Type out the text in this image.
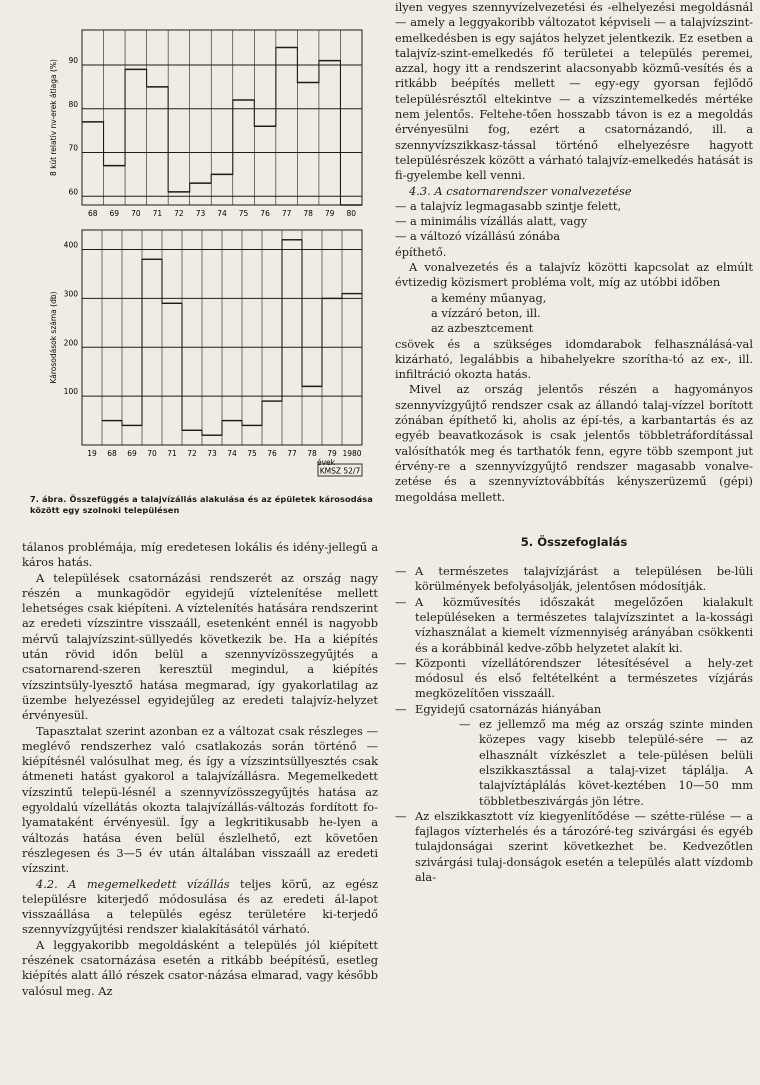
68 69 70 71 72 73 74 75 76 77 78 79 80
60
70
80
90
8 kút relatív nv-erek átlaga (%)
19 68 69 70 71 72 73 74 75 76 77 78 79 1980
100
200
300
400
Károsodások száma (db)
évek
KMSZ 52/7
7. ábra. Összefüggés a talajvízállás alakulása és az épületek károsodása között egy szolnoki településen

tálanos problémája, míg eredetesen lokális és idény-jellegű a káros hatás.

A települések csatornázási rendszerét az ország nagy részén a munkagödör egyidejű víztelenítése mellett lehetséges csak kiépíteni. A víztelenítés hatására rendszerint az eredeti vízszintre visszaáll, esetenként ennél is nagyobb mérvű talajvízszint-süllyedés következik be. Ha a kiépítés után rövid időn belül a szennyvízösszegyűjtés a csatornarend-szeren keresztül megindul, a kiépítés vízszintsüly-lyesztő hatása megmarad, így gyakorlatilag az üzembe helyezéssel egyidejűleg az eredeti talajvíz-helyzet érvényesül.

Tapasztalat szerint azonban ez a változat csak részleges — meglévő rendszerhez való csatlakozás során történő — kiépítésnél valósulhat meg, és így a vízszintsüllyesztés csak átmeneti hatást gyakorol a talajvízállásra. Megemelkedett vízszintű telepü-lésnél a szennyvízösszegyűjtés hatása az egyoldalú vízellátás okozta talajvízállás-változás fordított fo-lyamataként érvényesül. Így a legkritikusabb he-lyen a változás hatása éven belül észlelhető, ezt követően részlegesen és 3—5 év után általában visszaáll az eredeti vízszint.

4.2. A megemelkedett vízállás teljes körű, az egész településre kiterjedő módosulása és az eredeti ál-lapot visszaállása a település egész területére ki-terjedő szennyvízgyűjtési rendszer kialakításától várható.

A leggyakoribb megoldásként a település jól kiépített részének csatornázása esetén a ritkább beépítésű, esetleg kiépítés alatt álló részek csator-názása elmarad, vagy később valósul meg. Az

ilyen vegyes szennyvízelvezetési és -elhelyezési megoldásnál — amely a leggyakoribb változatot képviseli — a talajvízszint-emelkedésben is egy sajátos helyzet jelentkezik. Ez esetben a talajvíz-szint-emelkedés fő területei a település peremei, azzal, hogy itt a rendszerint alacsonyabb közmű-vesítés és a ritkább beépítés mellett — egy-egy gyorsan fejlődő településrésztől eltekintve — a vízszintemelkedés mértéke nem jelentős. Feltehe-tően hosszabb távon is ez a megoldás érvényesülni fog, ezért a csatornázandó, ill. a szennyvízszikkasz-tással történő elhelyezésre hagyott településrészek között a várható talajvíz-emelkedés hatását is fi-gyelembe kell venni.

4.3. A csatornarendszer vonalvezetése

— a talajvíz legmagasabb szintje felett,

— a minimális vízállás alatt, vagy

— a változó vízállású zónába

építhető.

A vonalvezetés és a talajvíz közötti kapcsolat az elmúlt évtizedig közismert probléma volt, míg az utóbbi időben

a kemény műanyag,

a vízzáró beton, ill.

az azbesztcement

csövek és a szükséges idomdarabok felhasználásá-val kizárható, legalábbis a hibahelyekre szorítha-tó az ex-, ill. infiltráció okozta hatás.

Mivel az ország jelentős részén a hagyományos szennyvízgyűjtő rendszer csak az állandó talaj-vízzel borított zónában építhető ki, aholis az épí-tés, a karbantartás és az egyéb beavatkozások is csak jelentős többletráfordítással valósíthatók meg és tarthatók fenn, egyre több szempont jut érvény-re a szennyvízgyűjtő rendszer magasabb vonalve-zetése és a szennyvíztovábbítás kényszerüzemű (gépi) megoldása mellett.

5. Összefoglalás
— A természetes talajvízjárást a településen be-lüli körülmények befolyásolják, jelentősen módosítják.
— A közművesítés időszakát megelőzően kialakult településeken a természetes talajvízszintet a la-kossági vízhasználat a kiemelt vízmennyiség arányában csökkenti és a korábbinál kedve-zőbb helyzetet alakít ki.
— Központi vízellátórendszer létesítésével a hely-zet módosul és első feltételként a természetes vízjárás megközelítően visszaáll.
— Egyidejű csatornázás hiányában
— ez jellemző ma még az ország szinte minden közepes vagy kisebb települé-sére — az elhasznált vízkészlet a tele-pülésen belüli elszikkasztással a talaj-vizet táplálja. A talajvíztáplálás követ-keztében 10—50 mm többletbeszivárgás jön létre.
— Az elszikkasztott víz kiegyenlítődése — szétte-rülése — a fajlagos vízterhelés és a tározóré-teg szivárgási és egyéb tulajdonságai szerint következhet be. Kedvezőtlen szivárgási tulaj-donságok esetén a település alatt vízdomb ala-
